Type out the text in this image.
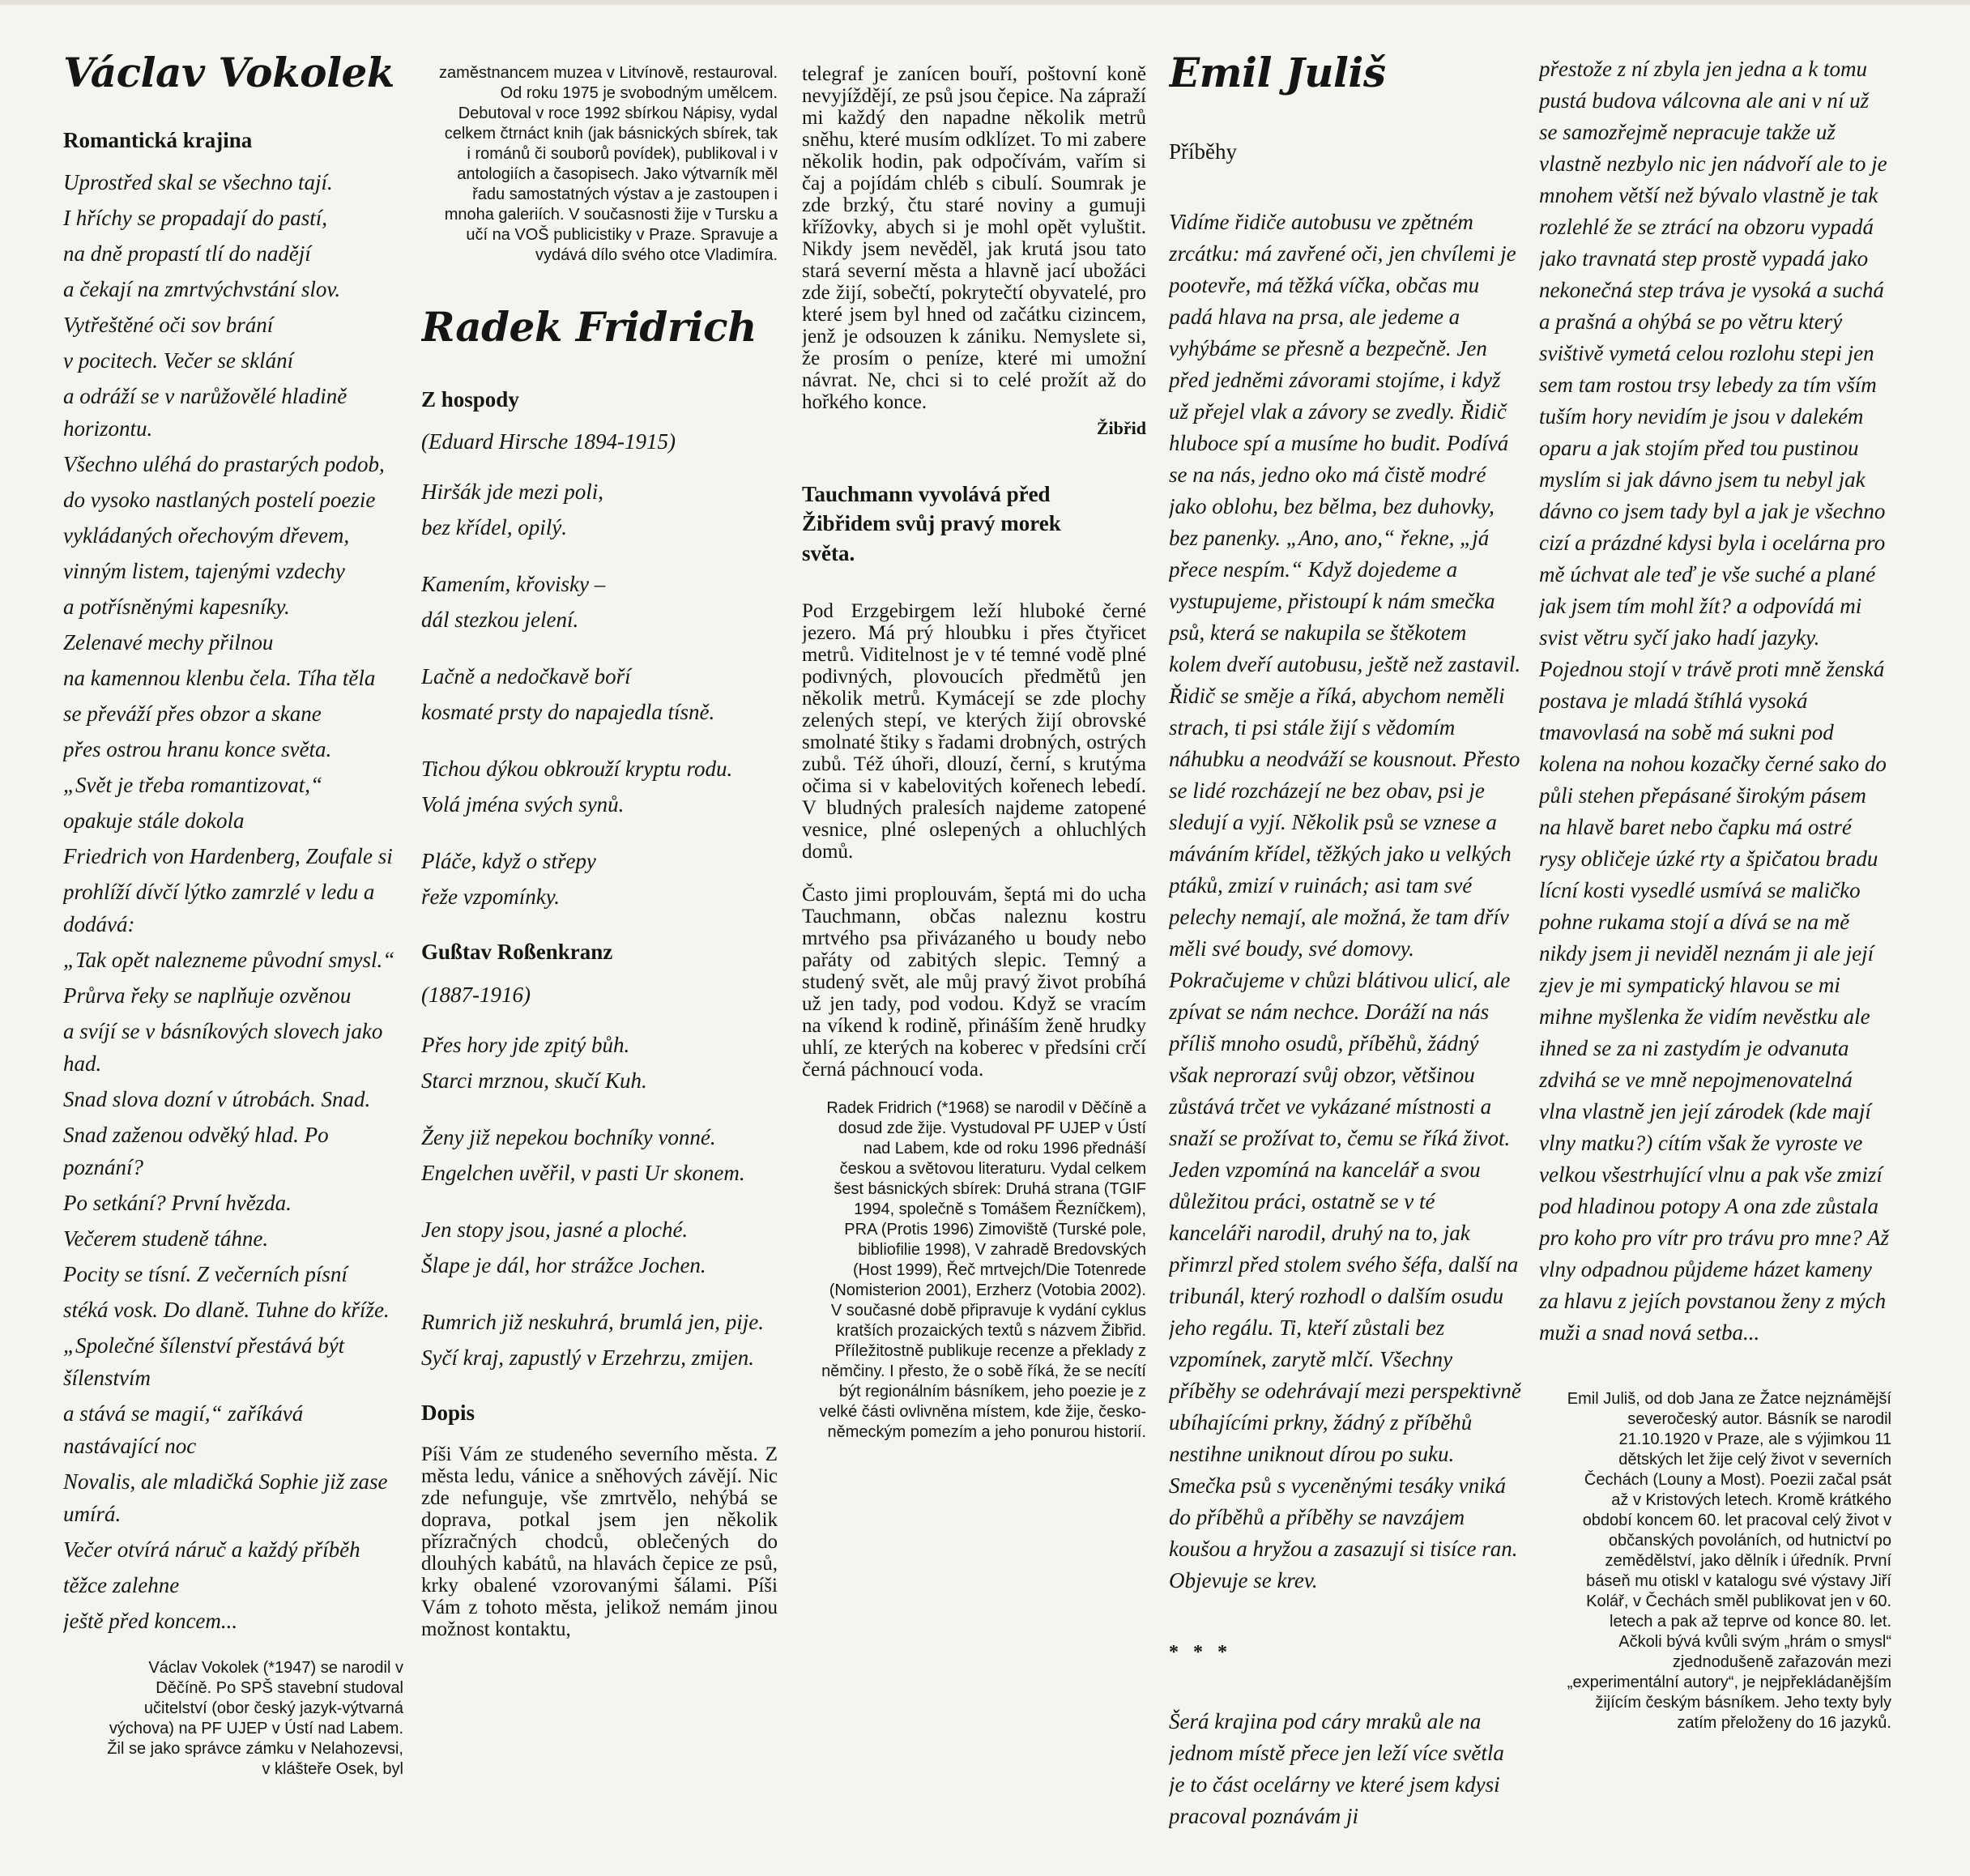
Václav Vokolek
Romantická krajina

Uprostřed skal se všechno tají.

I hříchy se propadají do pastí,

na dně propastí tlí do nadějí

a čekají na zmrtvýchvstání slov.

Vytřeštěné oči sov brání

v pocitech. Večer se sklání

a odráží se v narůžovělé hladině horizontu.

Všechno uléhá do prastarých podob,

do vysoko nastlaných postelí poezie

vykládaných ořechovým dřevem,

vinným listem, tajenými vzdechy

a potřísněnými kapesníky.

Zelenavé mechy přilnou

na kamennou klenbu čela. Tíha těla

se převáží přes obzor a skane

přes ostrou hranu konce světa.

„Svět je třeba romantizovat,“

opakuje stále dokola

Friedrich von Hardenberg, Zoufale si

prohlíží dívčí lýtko zamrzlé v ledu a dodává:

„Tak opět nalezneme původní smysl.“

Průrva řeky se naplňuje ozvěnou

a svíjí se v básníkových slovech jako had.

Snad slova dozní v útrobách. Snad.

Snad zaženou odvěký hlad. Po poznání?

Po setkání? První hvězda.

Večerem studeně táhne.

Pocity se tísní. Z večerních písní

stéká vosk. Do dlaně. Tuhne do kříže.

„Společné šílenství přestává být šílenstvím

a stává se magií,“ zaříkává nastávající noc

Novalis, ale mladičká Sophie již zase umírá.

Večer otvírá náruč a každý příběh

těžce zalehne

ještě před koncem...

Václav Vokolek (*1947) se narodil v Děčíně. Po SPŠ stavební studoval učitelství (obor český jazyk-výtvarná výchova) na PF UJEP v Ústí nad Labem. Žil se jako správce zámku v Nelahozevsi, v klášteře Osek, byl

zaměstnancem muzea v Litvínově, restauroval. Od roku 1975 je svobodným umělcem. Debutoval v roce 1992 sbírkou Nápisy, vydal celkem čtrnáct knih (jak básnických sbírek, tak i románů či souborů povídek), publikoval i v antologiích a časopisech. Jako výtvarník měl řadu samostatných výstav a je zastoupen i mnoha galeriích. V současnosti žije v Tursku a učí na VOŠ publicistiky v Praze. Spravuje a vydává dílo svého otce Vladimíra.

Radek Fridrich
Z hospody

(Eduard Hirsche 1894-1915)

Hiršák jde mezi poli,

bez křídel, opilý.

Kamením, křovisky –

dál stezkou jelení.

Lačně a nedočkavě boří

kosmaté prsty do napajedla tísně.

Tichou dýkou obkrouží kryptu rodu.

Volá jména svých synů.

Pláče, když o střepy

řeže vzpomínky.

Gußtav Roßenkranz

(1887-1916)

Přes hory jde zpitý bůh.

Starci mrznou, skučí Kuh.

Ženy již nepekou bochníky vonné.

Engelchen uvěřil, v pasti Ur skonem.

Jen stopy jsou, jasné a ploché.

Šlape je dál, hor strážce Jochen.

Rumrich již neskuhrá, brumlá jen, pije.

Syčí kraj, zapustlý v Erzehrzu, zmijen.

Dopis

Píši Vám ze studeného severního města. Z města ledu, vánice a sněhových závějí. Nic zde nefunguje, vše zmrtvělo, nehýbá se doprava, potkal jsem jen několik přízračných chodců, oblečených do dlouhých kabátů, na hlavách čepice ze psů, krky obalené vzorovanými šálami. Píši Vám z tohoto města, jelikož nemám jinou možnost kontaktu,

telegraf je zanícen bouří, poštovní koně nevyjíždějí, ze psů jsou čepice. Na zápraží mi každý den napadne několik metrů sněhu, které musím odklízet. To mi zabere několik hodin, pak odpočívám, vařím si čaj a pojídám chléb s cibulí. Soumrak je zde brzký, čtu staré noviny a gumuji křížovky, abych si je mohl opět vyluštit. Nikdy jsem nevěděl, jak krutá jsou tato stará severní města a hlavně jací ubožáci zde žijí, sobečtí, pokrytečtí obyvatelé, pro které jsem byl hned od začátku cizincem, jenž je odsouzen k zániku. Nemyslete si, že prosím o peníze, které mi umožní návrat. Ne, chci si to celé prožít až do hořkého konce.

Žibřid

Tauchmann vyvolává před Žibřidem svůj pravý morek světa.

Pod Erzgebirgem leží hluboké černé jezero. Má prý hloubku i přes čtyřicet metrů. Viditelnost je v té temné vodě plné podivných, plovoucích předmětů jen několik metrů. Kymácejí se zde plochy zelených stepí, ve kterých žijí obrovské smolnaté štiky s řadami drobných, ostrých zubů. Též úhoři, dlouzí, černí, s krutýma očima si v kabelovitých kořenech lebedí. V bludných pralesích najdeme zatopené vesnice, plné oslepených a ohluchlých domů.

Často jimi proplouvám, šeptá mi do ucha Tauchmann, občas naleznu kostru mrtvého psa přivázaného u boudy nebo pařáty od zabitých slepic. Temný a studený svět, ale můj pravý život probíhá už jen tady, pod vodou. Když se vracím na víkend k rodině, přináším ženě hrudky uhlí, ze kterých na koberec v předsíni crčí černá páchnoucí voda.

Radek Fridrich (*1968) se narodil v Děčíně a dosud zde žije. Vystudoval PF UJEP v Ústí nad Labem, kde od roku 1996 přednáší českou a světovou literaturu. Vydal celkem šest básnických sbírek: Druhá strana (TGIF 1994, společně s Tomášem Řezníčkem), PRA (Protis 1996) Zimoviště (Turské pole, bibliofilie 1998), V zahradě Bredovských (Host 1999), Řeč mrtvejch/Die Totenrede (Nomisterion 2001), Erzherz (Votobia 2002). V současné době připravuje k vydání cyklus kratších prozaických textů s názvem Žibřid. Příležitostně publikuje recenze a překlady z němčiny. I přesto, že o sobě říká, že se necítí být regionálním básníkem, jeho poezie je z velké části ovlivněna místem, kde žije, česko-německým pomezím a jeho ponurou historií.

Emil Juliš
Příběhy

Vidíme řidiče autobusu ve zpětném zrcátku: má zavřené oči, jen chvílemi je pootevře, má těžká víčka, občas mu padá hlava na prsa, ale jedeme a vyhýbáme se přesně a bezpečně. Jen před jedněmi závorami stojíme, i když už přejel vlak a závory se zvedly. Řidič hluboce spí a musíme ho budit. Podívá se na nás, jedno oko má čistě modré jako oblohu, bez bělma, bez duhovky, bez panenky. „Ano, ano,“ řekne, „já přece nespím.“ Když dojedeme a vystupujeme, přistoupí k nám smečka psů, která se nakupila se štěkotem kolem dveří autobusu, ještě než zastavil. Řidič se směje a říká, abychom neměli strach, ti psi stále žijí s vědomím náhubku a neodváží se kousnout. Přesto se lidé rozcházejí ne bez obav, psi je sledují a vyjí. Několik psů se vznese a máváním křídel, těžkých jako u velkých ptáků, zmizí v ruinách; asi tam své pelechy nemají, ale možná, že tam dřív měli své boudy, své domovy. Pokračujeme v chůzi blátivou ulicí, ale zpívat se nám nechce. Doráží na nás příliš mnoho osudů, příběhů, žádný však neprorazí svůj obzor, většinou zůstává trčet ve vykázané místnosti a snaží se prožívat to, čemu se říká život. Jeden vzpomíná na kancelář a svou důležitou práci, ostatně se v té kanceláři narodil, druhý na to, jak přimrzl před stolem svého šéfa, další na tribunál, který rozhodl o dalším osudu jeho regálu. Ti, kteří zůstali bez vzpomínek, zarytě mlčí. Všechny příběhy se odehrávají mezi perspektivně ubíhajícími prkny, žádný z příběhů nestihne uniknout dírou po suku. Smečka psů s vyceněnými tesáky vniká do příběhů a příběhy se navzájem koušou a hryžou a zasazují si tisíce ran. Objevuje se krev.

* * *

Šerá krajina pod cáry mraků ale na jednom místě přece jen leží více světla je to část ocelárny ve které jsem kdysi pracoval poznávám ji

přestože z ní zbyla jen jedna a k tomu pustá budova válcovna ale ani v ní už se samozřejmě nepracuje takže už vlastně nezbylo nic jen nádvoří ale to je mnohem větší než bývalo vlastně je tak rozlehlé že se ztrácí na obzoru vypadá jako travnatá step prostě vypadá jako nekonečná step tráva je vysoká a suchá a prašná a ohýbá se po větru který svištivě vymetá celou rozlohu stepi jen sem tam rostou trsy lebedy za tím vším tuším hory nevidím je jsou v dalekém oparu a jak stojím před tou pustinou myslím si jak dávno jsem tu nebyl jak dávno co jsem tady byl a jak je všechno cizí a prázdné kdysi byla i ocelárna pro mě úchvat ale teď je vše suché a plané jak jsem tím mohl žít? a odpovídá mi svist větru syčí jako hadí jazyky. Pojednou stojí v trávě proti mně ženská postava je mladá štíhlá vysoká tmavovlasá na sobě má sukni pod kolena na nohou kozačky černé sako do půli stehen přepásané širokým pásem na hlavě baret nebo čapku má ostré rysy obličeje úzké rty a špičatou bradu lícní kosti vysedlé usmívá se maličko pohne rukama stojí a dívá se na mě nikdy jsem ji neviděl neznám ji ale její zjev je mi sympatický hlavou se mi mihne myšlenka že vidím nevěstku ale ihned se za ni zastydím je odvanuta zdvihá se ve mně nepojmenovatelná vlna vlastně jen její zárodek (kde mají vlny matku?) cítím však že vyroste ve velkou všestrhující vlnu a pak vše zmizí pod hladinou potopy A ona zde zůstala pro koho pro vítr pro trávu pro mne? Až vlny odpadnou půjdeme házet kameny za hlavu z jejích povstanou ženy z mých muži a snad nová setba...

Emil Juliš, od dob Jana ze Žatce nejznámější severočeský autor. Básník se narodil 21.10.1920 v Praze, ale s výjimkou 11 dětských let žije celý život v severních Čechách (Louny a Most). Poezii začal psát až v Kristových letech. Kromě krátkého období koncem 60. let pracoval celý život v občanských povoláních, od hutnictví po zemědělství, jako dělník i úředník. První báseň mu otiskl v katalogu své výstavy Jiří Kolář, v Čechách směl publikovat jen v 60. letech a pak až teprve od konce 80. let. Ačkoli bývá kvůli svým „hrám o smysl“ zjednodušeně zařazován mezi „experimentální autory“, je nejpřekládanějším žijícím českým básníkem. Jeho texty byly zatím přeloženy do 16 jazyků.
